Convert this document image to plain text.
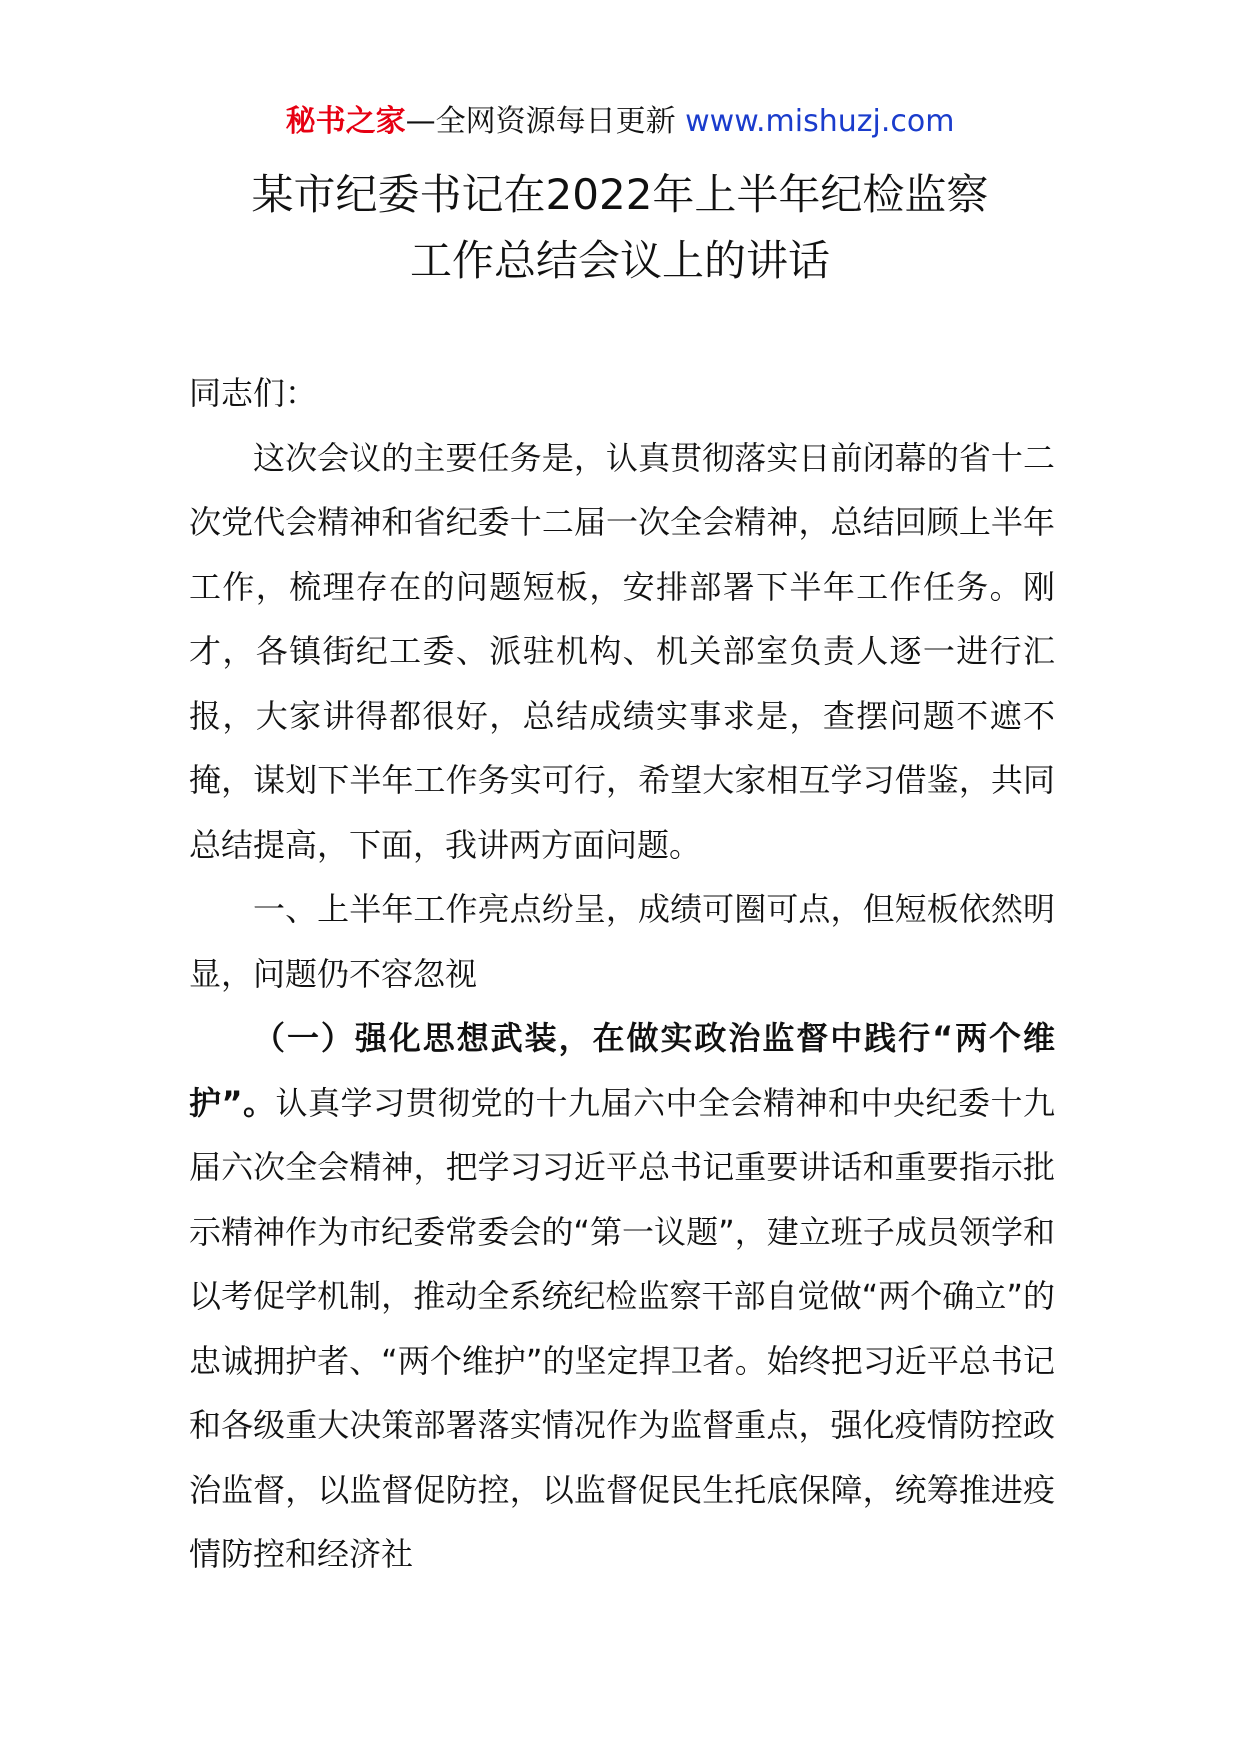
秘书之家—全网资源每日更新 www.mishuzj.com
某市纪委书记在2022年上半年纪检监察
工作总结会议上的讲话

同志们：

这次会议的主要任务是，认真贯彻落实日前闭幕的省十二次党代会精神和省纪委十二届一次全会精神，总结回顾上半年工作，梳理存在的问题短板，安排部署下半年工作任务。刚才，各镇街纪工委、派驻机构、机关部室负责人逐一进行汇报，大家讲得都很好，总结成绩实事求是，查摆问题不遮不掩，谋划下半年工作务实可行，希望大家相互学习借鉴，共同总结提高，下面，我讲两方面问题。

一、上半年工作亮点纷呈，成绩可圈可点，但短板依然明显，问题仍不容忽视

（一）强化思想武装，在做实政治监督中践行“两个维护”。认真学习贯彻党的十九届六中全会精神和中央纪委十九届六次全会精神，把学习习近平总书记重要讲话和重要指示批示精神作为市纪委常委会的“第一议题”，建立班子成员领学和以考促学机制，推动全系统纪检监察干部自觉做“两个确立”的忠诚拥护者、“两个维护”的坚定捍卫者。始终把习近平总书记和各级重大决策部署落实情况作为监督重点，强化疫情防控政治监督，以监督促防控，以监督促民生托底保障，统筹推进疫情防控和经济社
